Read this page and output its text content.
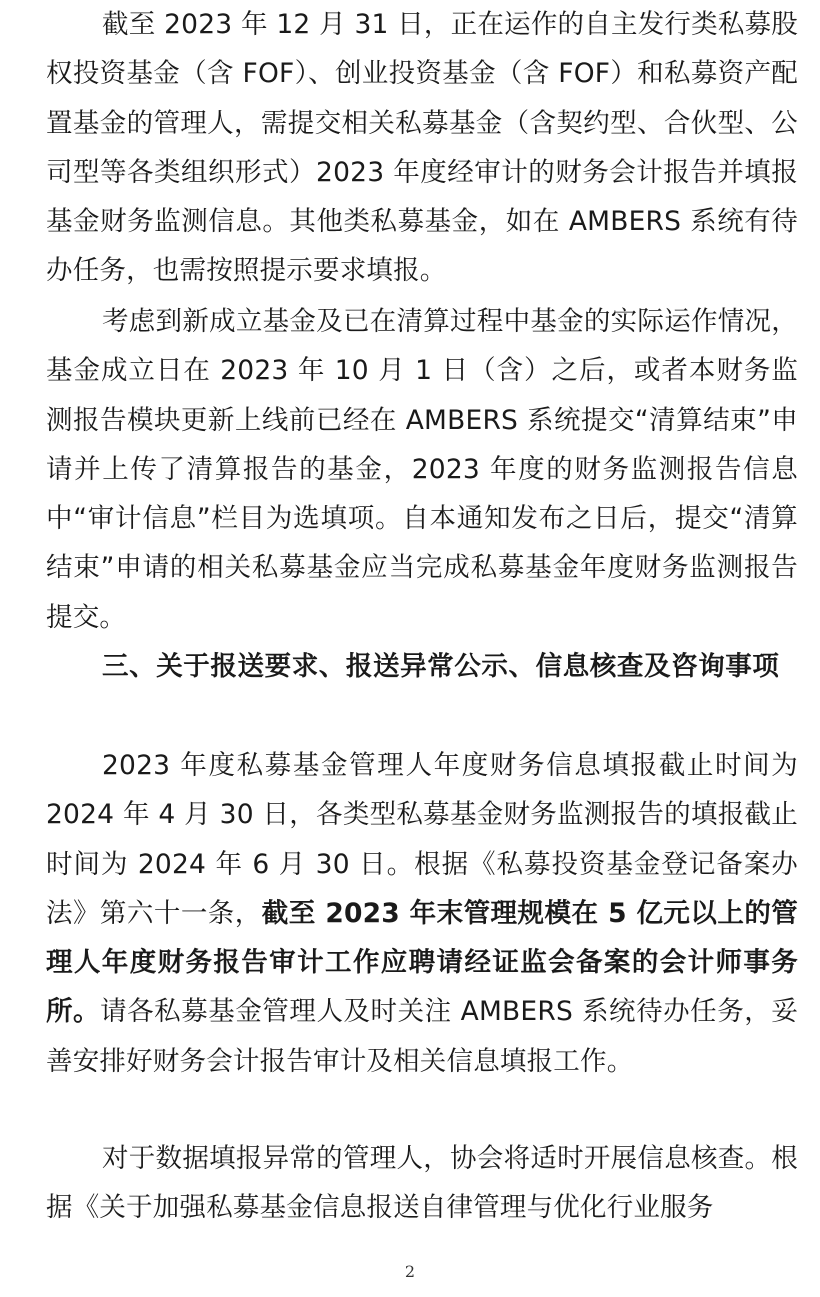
截至 2023 年 12 月 31 日，正在运作的自主发行类私募股权投资基金（含 FOF）、创业投资基金（含 FOF）和私募资产配置基金的管理人，需提交相关私募基金（含契约型、合伙型、公司型等各类组织形式）2023 年度经审计的财务会计报告并填报基金财务监测信息。其他类私募基金，如在 AMBERS 系统有待办任务，也需按照提示要求填报。

考虑到新成立基金及已在清算过程中基金的实际运作情况，基金成立日在 2023 年 10 月 1 日（含）之后，或者本财务监测报告模块更新上线前已经在 AMBERS 系统提交“清算结束”申请并上传了清算报告的基金，2023 年度的财务监测报告信息中“审计信息”栏目为选填项。自本通知发布之日后，提交“清算结束”申请的相关私募基金应当完成私募基金年度财务监测报告提交。

三、关于报送要求、报送异常公示、信息核查及咨询事项

2023 年度私募基金管理人年度财务信息填报截止时间为 2024 年 4 月 30 日，各类型私募基金财务监测报告的填报截止时间为 2024 年 6 月 30 日。根据《私募投资基金登记备案办法》第六十一条，截至 2023 年末管理规模在 5 亿元以上的管理人年度财务报告审计工作应聘请经证监会备案的会计师事务所。请各私募基金管理人及时关注 AMBERS 系统待办任务，妥善安排好财务会计报告审计及相关信息填报工作。

对于数据填报异常的管理人，协会将适时开展信息核查。根据《关于加强私募基金信息报送自律管理与优化行业服务

2
